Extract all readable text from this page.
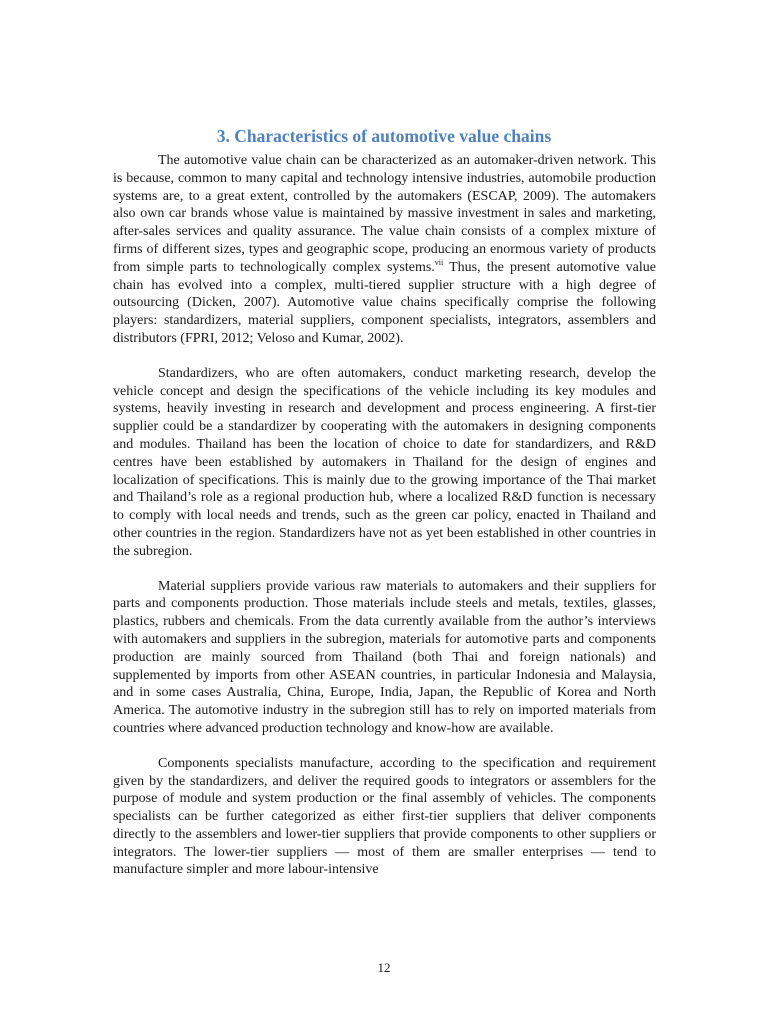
3. Characteristics of automotive value chains

The automotive value chain can be characterized as an automaker-driven network. This is because, common to many capital and technology intensive industries, automobile production systems are, to a great extent, controlled by the automakers (ESCAP, 2009). The automakers also own car brands whose value is maintained by massive investment in sales and marketing, after-sales services and quality assurance. The value chain consists of a complex mixture of firms of different sizes, types and geographic scope, producing an enormous variety of products from simple parts to technologically complex systems.$^{vii}$ Thus, the present automotive value chain has evolved into a complex, multi-tiered supplier structure with a high degree of outsourcing (Dicken, 2007). Automotive value chains specifically comprise the following players: standardizers, material suppliers, component specialists, integrators, assemblers and distributors (FPRI, 2012; Veloso and Kumar, 2002).

Standardizers, who are often automakers, conduct marketing research, develop the vehicle concept and design the specifications of the vehicle including its key modules and systems, heavily investing in research and development and process engineering. A first-tier supplier could be a standardizer by cooperating with the automakers in designing components and modules. Thailand has been the location of choice to date for standardizers, and R&D centres have been established by automakers in Thailand for the design of engines and localization of specifications. This is mainly due to the growing importance of the Thai market and Thailand’s role as a regional production hub, where a localized R&D function is necessary to comply with local needs and trends, such as the green car policy, enacted in Thailand and other countries in the region. Standardizers have not as yet been established in other countries in the subregion.

Material suppliers provide various raw materials to automakers and their suppliers for parts and components production. Those materials include steels and metals, textiles, glasses, plastics, rubbers and chemicals. From the data currently available from the author’s interviews with automakers and suppliers in the subregion, materials for automotive parts and components production are mainly sourced from Thailand (both Thai and foreign nationals) and supplemented by imports from other ASEAN countries, in particular Indonesia and Malaysia, and in some cases Australia, China, Europe, India, Japan, the Republic of Korea and North America. The automotive industry in the subregion still has to rely on imported materials from countries where advanced production technology and know-how are available.

Components specialists manufacture, according to the specification and requirement given by the standardizers, and deliver the required goods to integrators or assemblers for the purpose of module and system production or the final assembly of vehicles. The components specialists can be further categorized as either first-tier suppliers that deliver components directly to the assemblers and lower-tier suppliers that provide components to other suppliers or integrators. The lower-tier suppliers — most of them are smaller enterprises — tend to manufacture simpler and more labour-intensive

12
